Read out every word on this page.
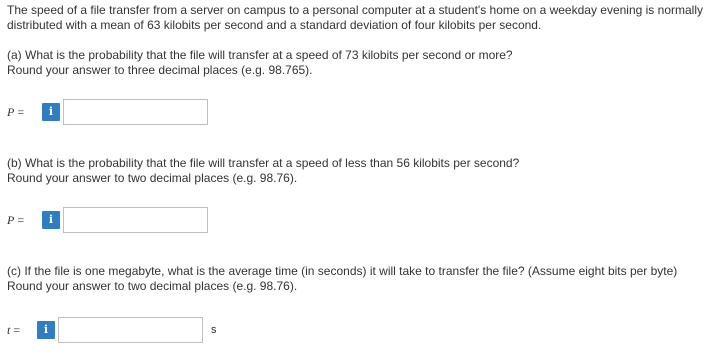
The speed of a file transfer from a server on campus to a personal computer at a student's home on a weekday evening is normally
distributed with a mean of 63 kilobits per second and a standard deviation of four kilobits per second.
(a) What is the probability that the file will transfer at a speed of 73 kilobits per second or more?
Round your answer to three decimal places (e.g. 98.765).
P =	i
(b) What is the probability that the file will transfer at a speed of less than 56 kilobits per second?
Round your answer to two decimal places (e.g. 98.76).
P =	i
(c) If the file is one megabyte, what is the average time (in seconds) it will take to transfer the file? (Assume eight bits per byte)
Round your answer to two decimal places (e.g. 98.76).
t =	i	s
